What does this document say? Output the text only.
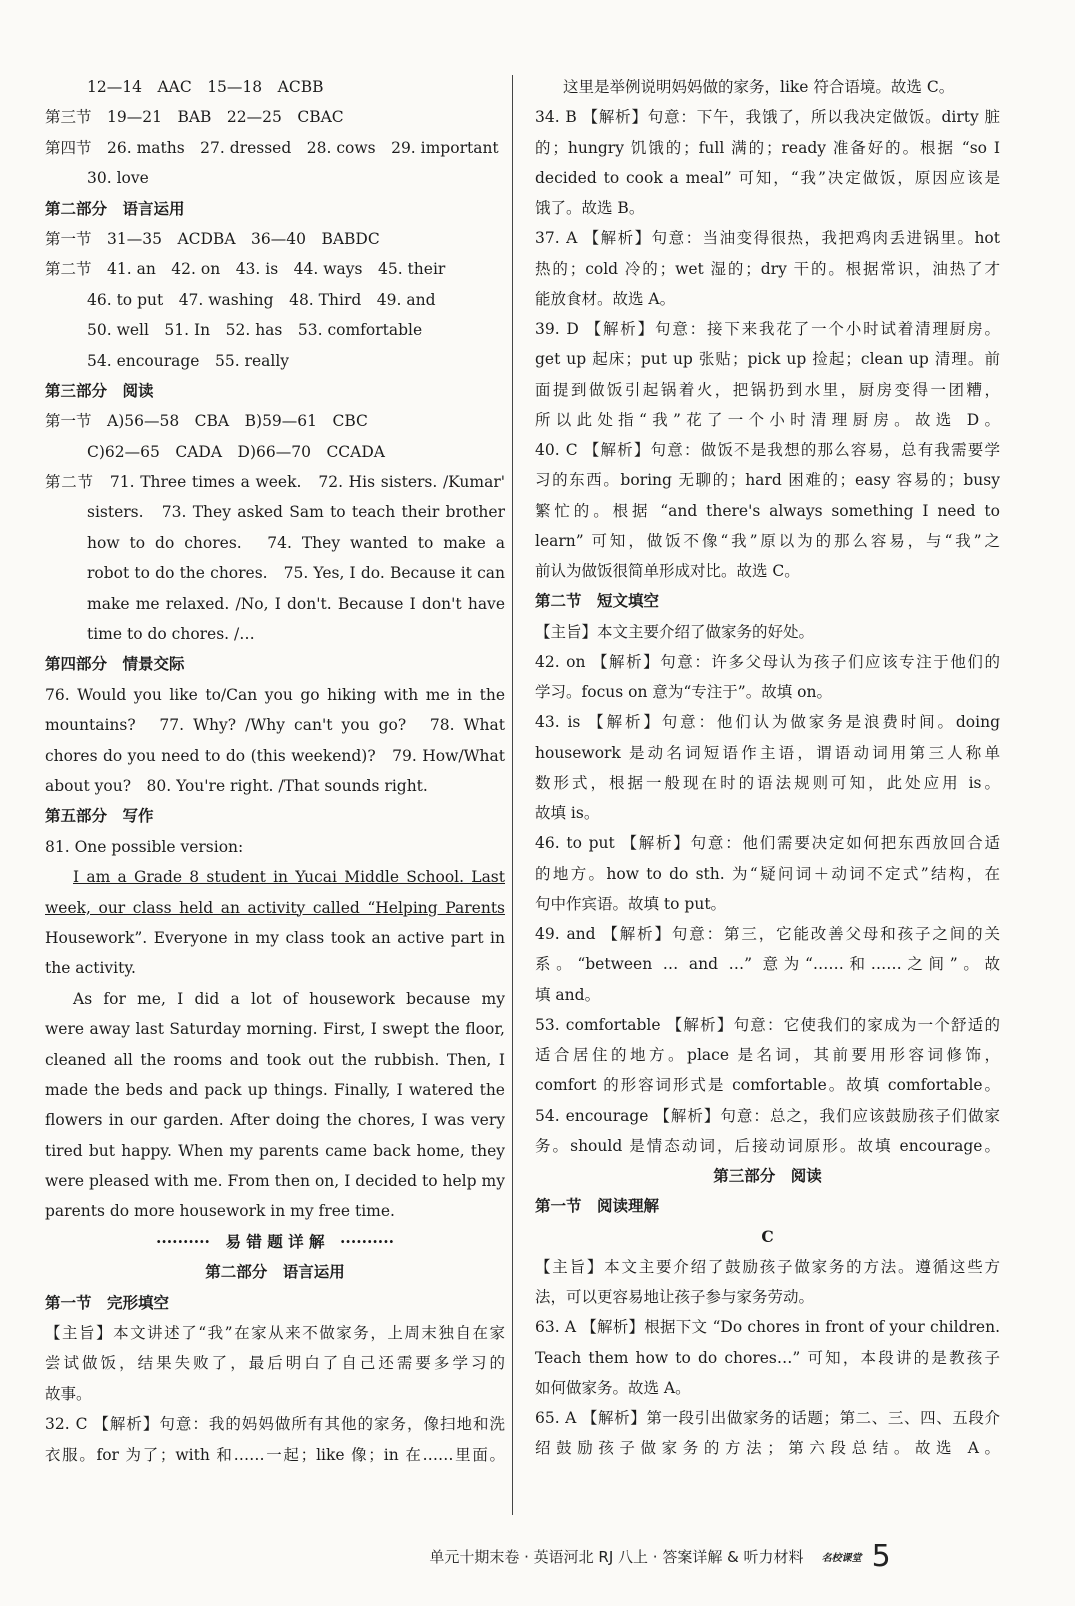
12—14　AAC　15—18　ACBB
第三节　19—21　BAB　22—25　CBAC
第四节　26. maths　27. dressed　28. cows　29. important
30. love
第二部分　语言运用
第一节　31—35　ACDBA　36—40　BABDC
第二节　41. an　42. on　43. is　44. ways　45. their
46. to put　47. washing　48. Third　49. and
50. well　51. In　52. has　53. comfortable
54. encourage　55. really
第三部分　阅读
第一节　A)56—58　CBA　B)59—61　CBC
C)62—65　CADA　D)66—70　CCADA
第二节　71. Three times a week.　72. His sisters. /Kumar'
sisters.　73. They asked Sam to teach their brother
how to do chores.　74. They wanted to make a
robot to do the chores.　75. Yes, I do. Because it can
make me relaxed. /No, I don't. Because I don't have
time to do chores. /…
第四部分　情景交际
76. Would you like to/Can you go hiking with me in the
mountains?　77. Why? /Why can't you go?　78. What
chores do you need to do (this weekend)?　79. How/What
about you?　80. You're right. /That sounds right.
第五部分　写作
81. One possible version:
I am a Grade 8 student in Yucai Middle School. Last
week, our class held an activity called “Helping Parents
Housework”. Everyone in my class took an active part in
the activity.
As for me, I did a lot of housework because my
were away last Saturday morning. First, I swept the floor,
cleaned all the rooms and took out the rubbish. Then, I
made the beds and pack up things. Finally, I watered the
flowers in our garden. After doing the chores, I was very
tired but happy. When my parents came back home, they
were pleased with me. From then on, I decided to help my
parents do more housework in my free time.
··········　易 错 题 详 解　··········
第二部分　语言运用
第一节　完形填空
【主旨】本文讲述了“我”在家从来不做家务，上周末独自在家
尝试做饭，结果失败了，最后明白了自己还需要多学习的
故事。
32. C 【解析】句意：我的妈妈做所有其他的家务，像扫地和洗
衣服。for 为了；with 和……一起；like 像；in 在……里面。
这里是举例说明妈妈做的家务，like 符合语境。故选 C。
34. B 【解析】句意：下午，我饿了，所以我决定做饭。dirty 脏
的；hungry 饥饿的；full 满的；ready 准备好的。根据 “so I
decided to cook a meal” 可知，“我”决定做饭，原因应该是
饿了。故选 B。
37. A 【解析】句意：当油变得很热，我把鸡肉丢进锅里。hot
热的；cold 冷的；wet 湿的；dry 干的。根据常识，油热了才
能放食材。故选 A。
39. D 【解析】句意：接下来我花了一个小时试着清理厨房。
get up 起床；put up 张贴；pick up 捡起；clean up 清理。前
面提到做饭引起锅着火，把锅扔到水里，厨房变得一团糟，
所以此处指“我”花了一个小时清理厨房。故选 D。
40. C 【解析】句意：做饭不是我想的那么容易，总有我需要学
习的东西。boring 无聊的；hard 困难的；easy 容易的；busy
繁忙的。根据 “and there's always something I need to
learn” 可知，做饭不像“我”原以为的那么容易，与“我”之
前认为做饭很简单形成对比。故选 C。
第二节　短文填空
【主旨】本文主要介绍了做家务的好处。
42. on 【解析】句意：许多父母认为孩子们应该专注于他们的
学习。focus on 意为“专注于”。故填 on。
43. is 【解析】句意：他们认为做家务是浪费时间。doing
housework 是动名词短语作主语，谓语动词用第三人称单
数形式，根据一般现在时的语法规则可知，此处应用 is。
故填 is。
46. to put 【解析】句意：他们需要决定如何把东西放回合适
的地方。how to do sth. 为“疑问词＋动词不定式”结构，在
句中作宾语。故填 to put。
49. and 【解析】句意：第三，它能改善父母和孩子之间的关
系。“between … and …” 意为“……和……之间”。故
填 and。
53. comfortable 【解析】句意：它使我们的家成为一个舒适的
适合居住的地方。place 是名词，其前要用形容词修饰，
comfort 的形容词形式是 comfortable。故填 comfortable。
54. encourage 【解析】句意：总之，我们应该鼓励孩子们做家
务。should 是情态动词，后接动词原形。故填 encourage。
第三部分　阅读
第一节　阅读理解
C
【主旨】本文主要介绍了鼓励孩子做家务的方法。遵循这些方
法，可以更容易地让孩子参与家务劳动。
63. A 【解析】根据下文 “Do chores in front of your children.
Teach them how to do chores…” 可知，本段讲的是教孩子
如何做家务。故选 A。
65. A 【解析】第一段引出做家务的话题；第二、三、四、五段介
绍鼓励孩子做家务的方法；第六段总结。故选 A。
单元十期末卷 · 英语河北 RJ 八上 · 答案详解 & 听力材料 名校课堂 5
